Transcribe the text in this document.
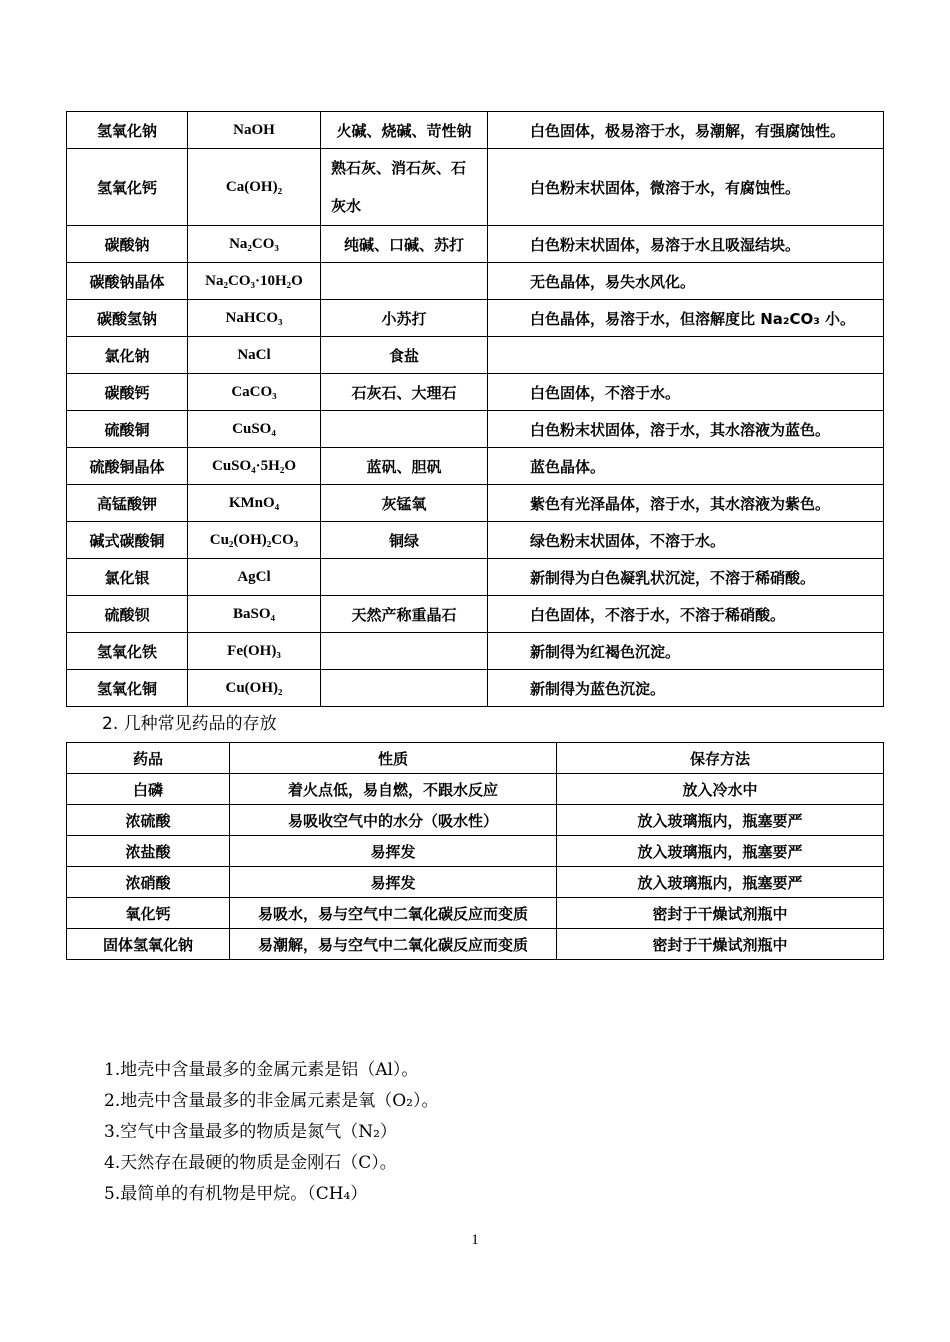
氢氧化钠	NaOH	火碱、烧碱、苛性钠	白色固体，极易溶于水，易潮解，有强腐蚀性。
氢氧化钙	Ca(OH)₂	熟石灰、消石灰、石灰水	白色粉末状固体，微溶于水，有腐蚀性。
碳酸钠	Na₂CO₃	纯碱、口碱、苏打	白色粉末状固体，易溶于水且吸湿结块。
碳酸钠晶体	Na₂CO₃·10H₂O		无色晶体，易失水风化。
碳酸氢钠	NaHCO₃	小苏打	白色晶体，易溶于水，但溶解度比 Na₂CO₃ 小。
氯化钠	NaCl	食盐	
碳酸钙	CaCO₃	石灰石、大理石	白色固体，不溶于水。
硫酸铜	CuSO₄		白色粉末状固体，溶于水，其水溶液为蓝色。
硫酸铜晶体	CuSO₄·5H₂O	蓝矾、胆矾	蓝色晶体。
高锰酸钾	KMnO₄	灰锰氧	紫色有光泽晶体，溶于水，其水溶液为紫色。
碱式碳酸铜	Cu₂(OH)₂CO₃	铜绿	绿色粉末状固体，不溶于水。
氯化银	AgCl		新制得为白色凝乳状沉淀，不溶于稀硝酸。
硫酸钡	BaSO₄	天然产称重晶石	白色固体，不溶于水，不溶于稀硝酸。
氢氧化铁	Fe(OH)₃		新制得为红褐色沉淀。
氢氧化铜	Cu(OH)₂		新制得为蓝色沉淀。
2. 几种常见药品的存放
药品	性质	保存方法
白磷	着火点低，易自燃，不跟水反应	放入冷水中
浓硫酸	易吸收空气中的水分（吸水性）	放入玻璃瓶内，瓶塞要严
浓盐酸	易挥发	放入玻璃瓶内，瓶塞要严
浓硝酸	易挥发	放入玻璃瓶内，瓶塞要严
氧化钙	易吸水，易与空气中二氧化碳反应而变质	密封于干燥试剂瓶中
固体氢氧化钠	易潮解，易与空气中二氧化碳反应而变质	密封于干燥试剂瓶中
1.地壳中含量最多的金属元素是铝（Al）。
2.地壳中含量最多的非金属元素是氧（O₂）。
3.空气中含量最多的物质是氮气（N₂）
4.天然存在最硬的物质是金刚石（C）。
5.最简单的有机物是甲烷。（CH₄）
1
